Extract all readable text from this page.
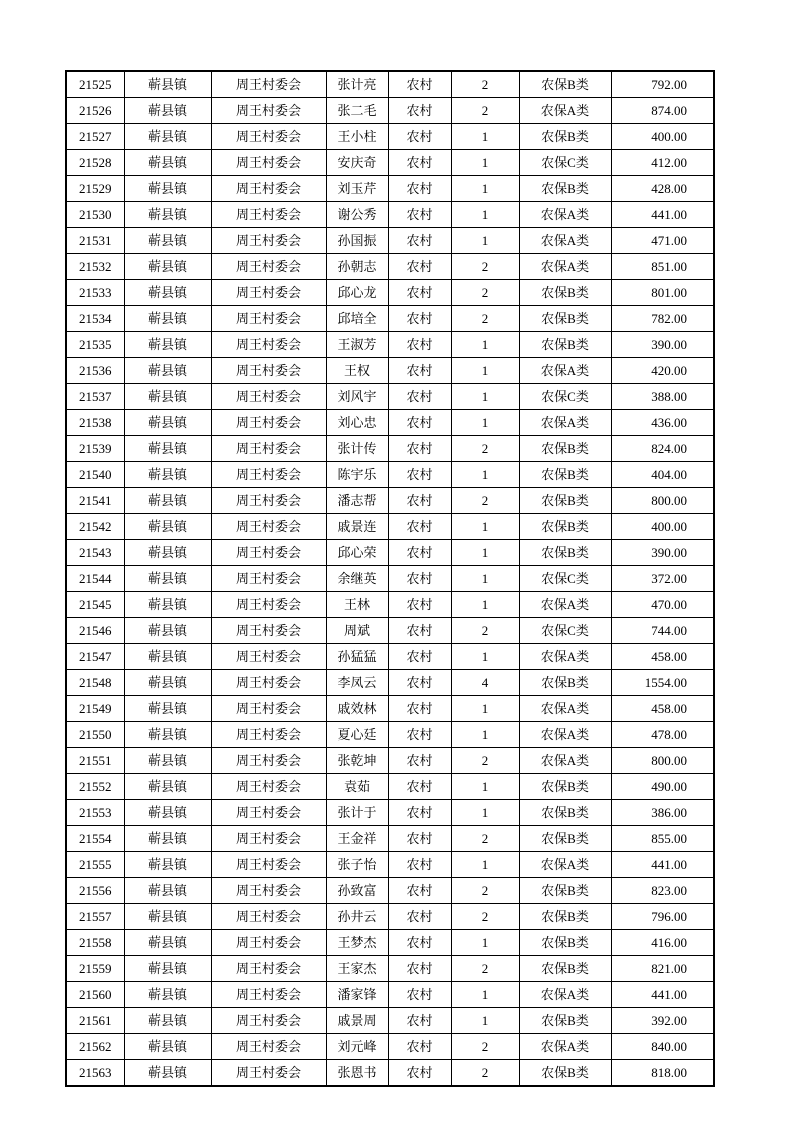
21525	蕲县镇	周王村委会	张计亮	农村	2	农保B类	792.00
21526	蕲县镇	周王村委会	张二毛	农村	2	农保A类	874.00
21527	蕲县镇	周王村委会	王小柱	农村	1	农保B类	400.00
21528	蕲县镇	周王村委会	安庆奇	农村	1	农保C类	412.00
21529	蕲县镇	周王村委会	刘玉芹	农村	1	农保B类	428.00
21530	蕲县镇	周王村委会	谢公秀	农村	1	农保A类	441.00
21531	蕲县镇	周王村委会	孙国振	农村	1	农保A类	471.00
21532	蕲县镇	周王村委会	孙朝志	农村	2	农保A类	851.00
21533	蕲县镇	周王村委会	邱心龙	农村	2	农保B类	801.00
21534	蕲县镇	周王村委会	邱培全	农村	2	农保B类	782.00
21535	蕲县镇	周王村委会	王淑芳	农村	1	农保B类	390.00
21536	蕲县镇	周王村委会	王权	农村	1	农保A类	420.00
21537	蕲县镇	周王村委会	刘风宇	农村	1	农保C类	388.00
21538	蕲县镇	周王村委会	刘心忠	农村	1	农保A类	436.00
21539	蕲县镇	周王村委会	张计传	农村	2	农保B类	824.00
21540	蕲县镇	周王村委会	陈宇乐	农村	1	农保B类	404.00
21541	蕲县镇	周王村委会	潘志帮	农村	2	农保B类	800.00
21542	蕲县镇	周王村委会	戚景连	农村	1	农保B类	400.00
21543	蕲县镇	周王村委会	邱心荣	农村	1	农保B类	390.00
21544	蕲县镇	周王村委会	余继英	农村	1	农保C类	372.00
21545	蕲县镇	周王村委会	王林	农村	1	农保A类	470.00
21546	蕲县镇	周王村委会	周斌	农村	2	农保C类	744.00
21547	蕲县镇	周王村委会	孙猛猛	农村	1	农保A类	458.00
21548	蕲县镇	周王村委会	李凤云	农村	4	农保B类	1554.00
21549	蕲县镇	周王村委会	戚效林	农村	1	农保A类	458.00
21550	蕲县镇	周王村委会	夏心廷	农村	1	农保A类	478.00
21551	蕲县镇	周王村委会	张乾坤	农村	2	农保A类	800.00
21552	蕲县镇	周王村委会	袁茹	农村	1	农保B类	490.00
21553	蕲县镇	周王村委会	张计于	农村	1	农保B类	386.00
21554	蕲县镇	周王村委会	王金祥	农村	2	农保B类	855.00
21555	蕲县镇	周王村委会	张子怡	农村	1	农保A类	441.00
21556	蕲县镇	周王村委会	孙致富	农村	2	农保B类	823.00
21557	蕲县镇	周王村委会	孙井云	农村	2	农保B类	796.00
21558	蕲县镇	周王村委会	王梦杰	农村	1	农保B类	416.00
21559	蕲县镇	周王村委会	王家杰	农村	2	农保B类	821.00
21560	蕲县镇	周王村委会	潘家锋	农村	1	农保A类	441.00
21561	蕲县镇	周王村委会	戚景周	农村	1	农保B类	392.00
21562	蕲县镇	周王村委会	刘元峰	农村	2	农保A类	840.00
21563	蕲县镇	周王村委会	张恩书	农村	2	农保B类	818.00
